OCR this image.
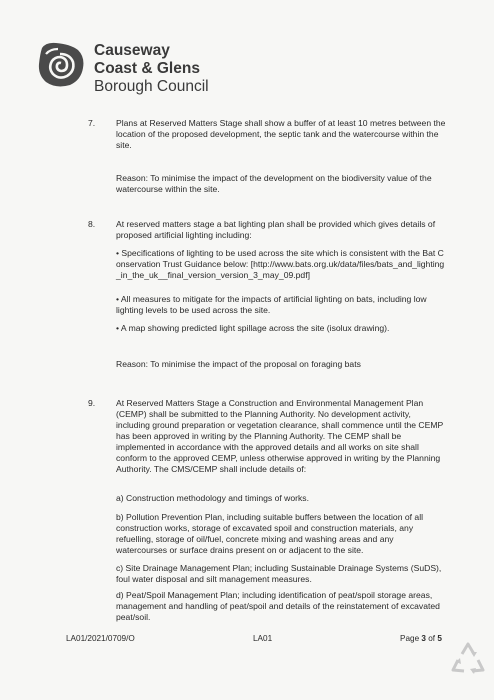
Causeway
Coast & Glens
Borough Council
7. Plans at Reserved Matters Stage shall show a buffer of at least 10 metres between the location of the proposed development, the septic tank and the watercourse within the site.

Reason: To minimise the impact of the development on the biodiversity value of the watercourse within the site.

8. At reserved matters stage a bat lighting plan shall be provided which gives details of proposed artificial lighting including:

• Specifications of lighting to be used across the site which is consistent with the Bat Conservation Trust Guidance below: [http://www.bats.org.uk/data/files/bats_and_lighting_in_the_uk__final_version_version_3_may_09.pdf]

• All measures to mitigate for the impacts of artificial lighting on bats, including low lighting levels to be used across the site.

• A map showing predicted light spillage across the site (isolux drawing).

Reason: To minimise the impact of the proposal on foraging bats

9. At Reserved Matters Stage a Construction and Environmental Management Plan (CEMP) shall be submitted to the Planning Authority. No development activity, including ground preparation or vegetation clearance, shall commence until the CEMP has been approved in writing by the Planning Authority. The CEMP shall be implemented in accordance with the approved details and all works on site shall conform to the approved CEMP, unless otherwise approved in writing by the Planning Authority. The CMS/CEMP shall include details of:

a) Construction methodology and timings of works.

b) Pollution Prevention Plan, including suitable buffers between the location of all construction works, storage of excavated spoil and construction materials, any refuelling, storage of oil/fuel, concrete mixing and washing areas and any watercourses or surface drains present on or adjacent to the site.

c) Site Drainage Management Plan; including Sustainable Drainage Systems (SuDS), foul water disposal and silt management measures.

d) Peat/Spoil Management Plan; including identification of peat/spoil storage areas, management and handling of peat/spoil and details of the reinstatement of excavated peat/soil.

LA01/2021/0709/O	LA01	Page 3 of 5
